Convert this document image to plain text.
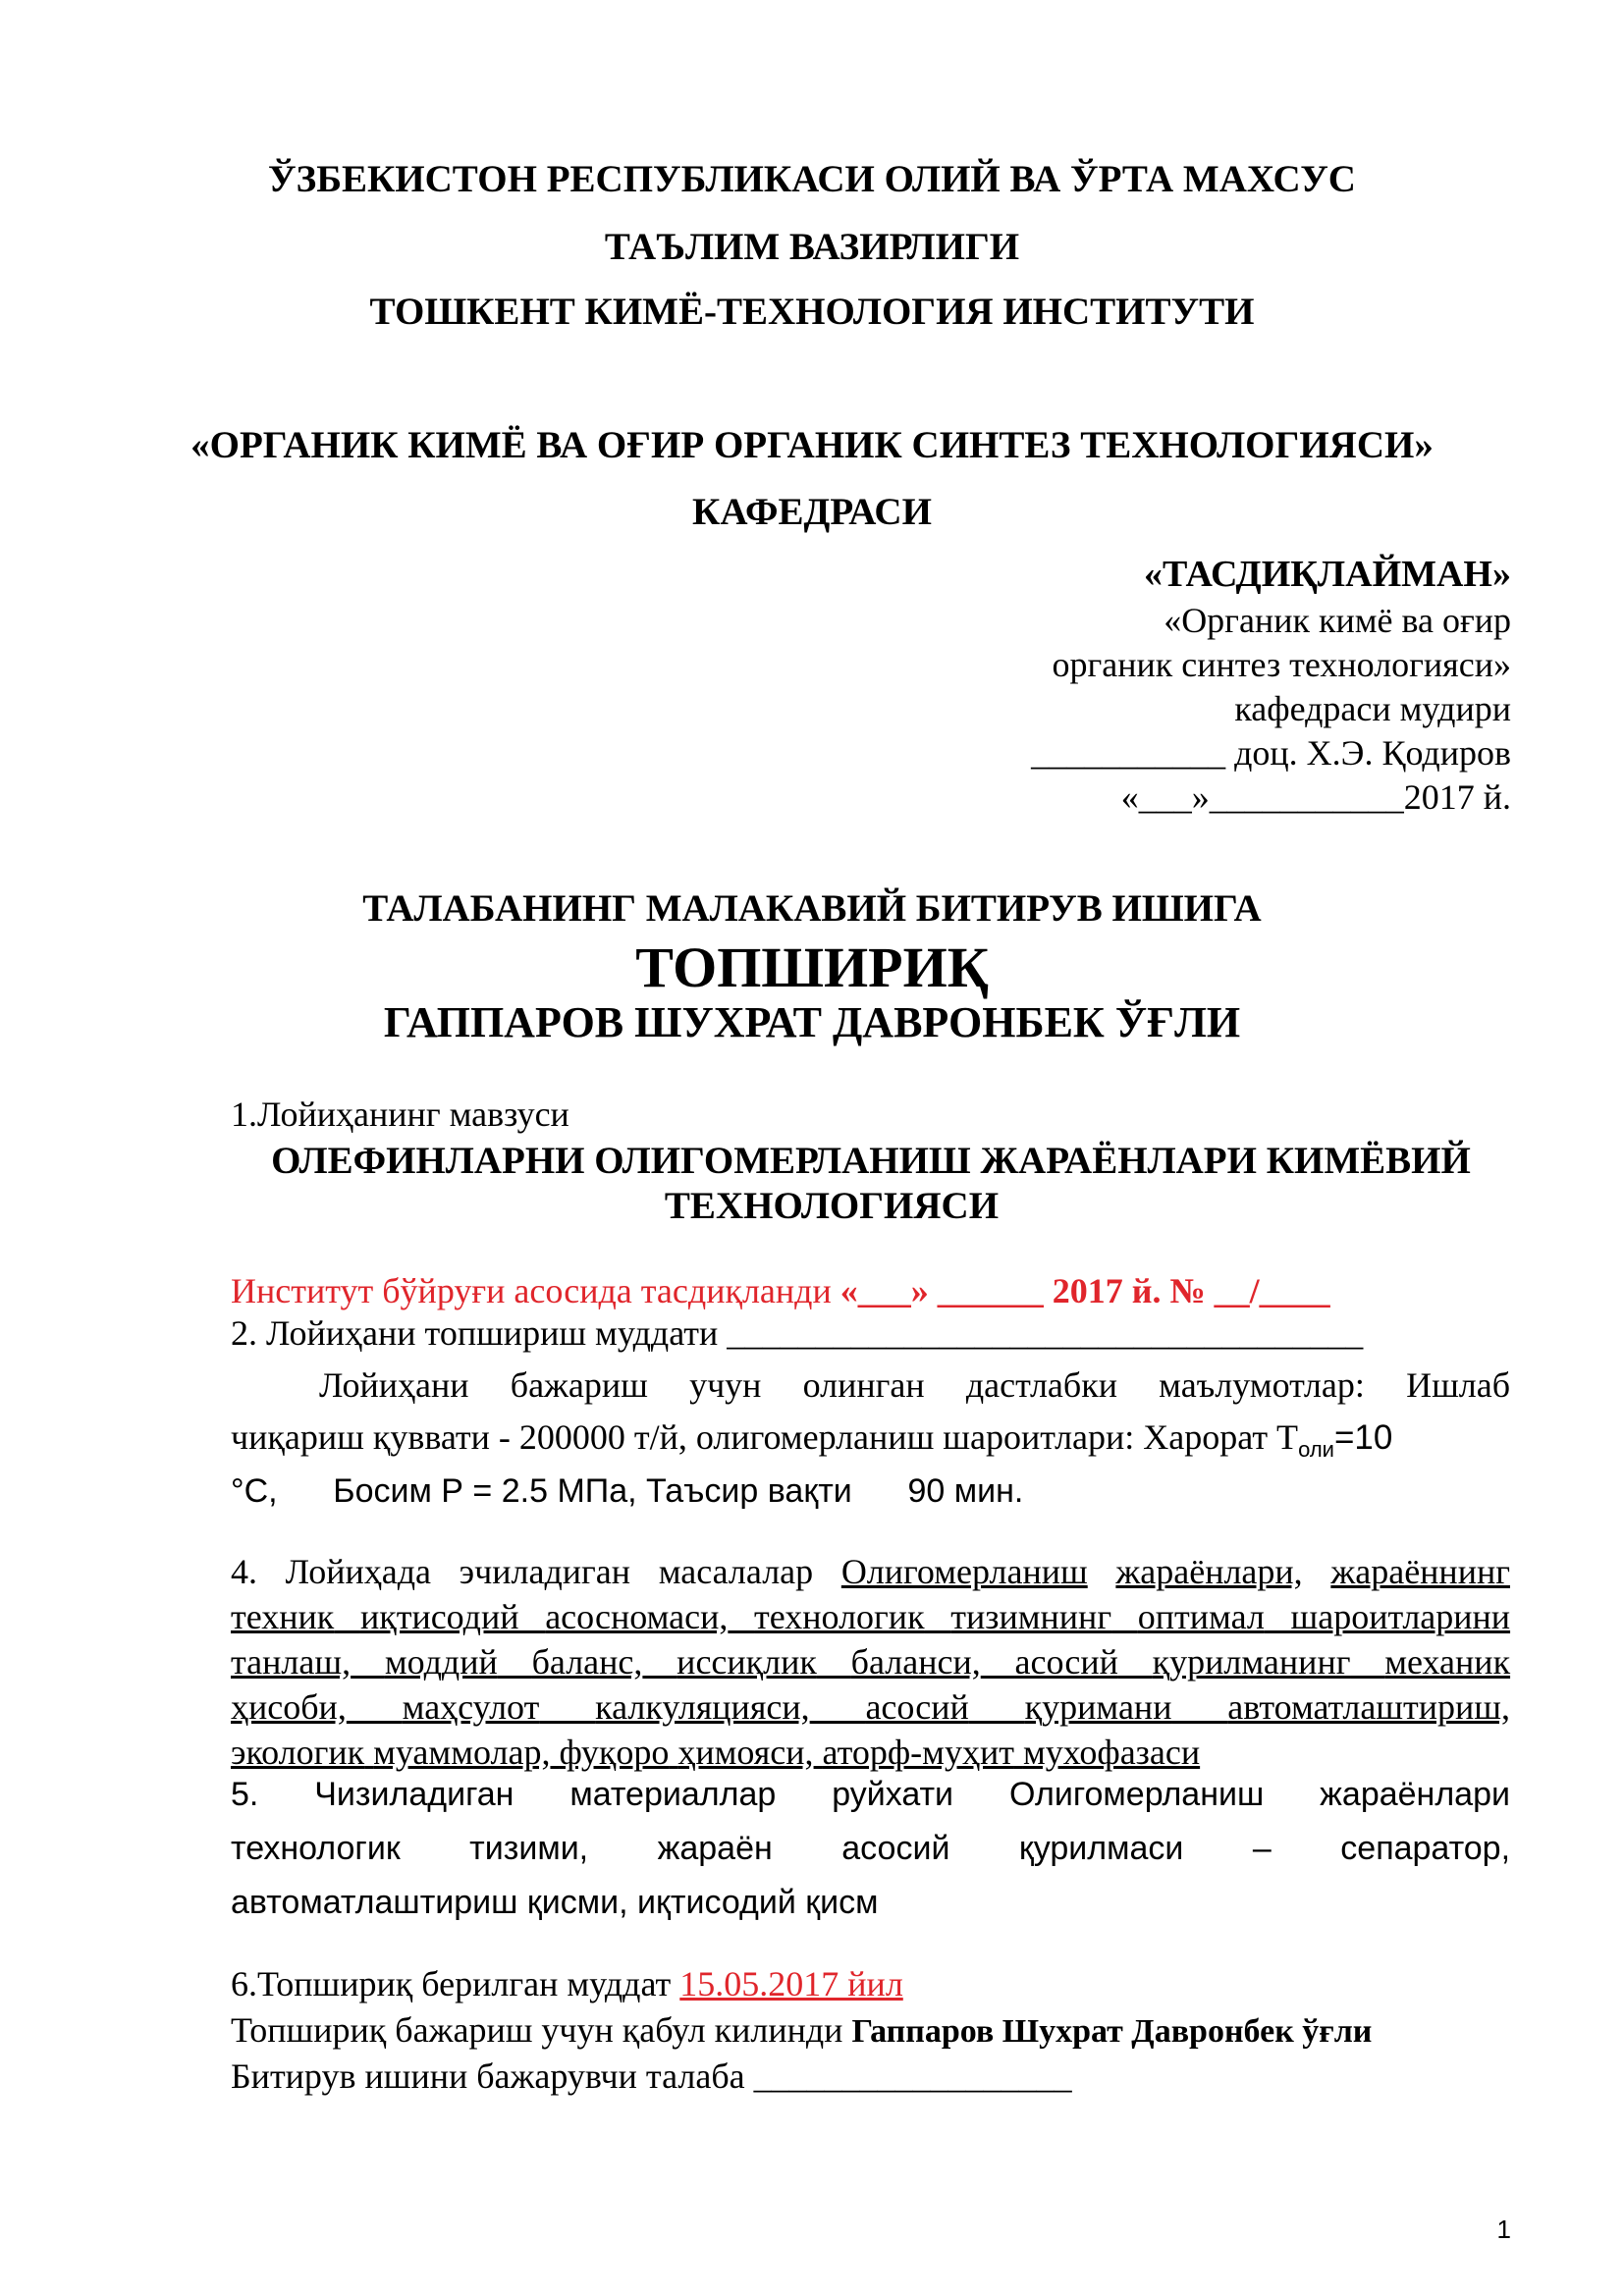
ЎЗБЕКИСТОН РЕСПУБЛИКАСИ ОЛИЙ ВА ЎРТА МАХСУС
ТАЪЛИМ ВАЗИРЛИГИ
ТОШКЕНТ КИМЁ-ТЕХНОЛОГИЯ ИНСТИТУТИ
«ОРГАНИК КИМЁ ВА ОҒИР ОРГАНИК СИНТЕЗ ТЕХНОЛОГИЯСИ»
КАФЕДРАСИ
«ТАСДИҚЛАЙМАН»
«Органик кимё ва оғир
органик синтез технологияси»
кафедраси мудири
___________ доц. Х.Э. Қодиров
«___»___________2017 й.
ТАЛАБАНИНГ МАЛАКАВИЙ БИТИРУВ ИШИГА
ТОПШИРИҚ
ГАППАРОВ ШУХРАТ ДАВРОНБЕК ЎҒЛИ
1.Лойиҳанинг мавзуси
ОЛЕФИНЛАРНИ ОЛИГОМЕРЛАНИШ ЖАРАЁНЛАРИ КИМЁВИЙ
ТЕХНОЛОГИЯСИ
Институт бўйруғи асосида тасдиқланди «___» ______ 2017 й. № __/____
2. Лойиҳани топшириш муддати ____________________________________
Лойиҳани бажариш учун олинган дастлабки маълумотлар: Ишлаб
чиқариш қуввати - 200000 т/й, олигомерланиш шароитлари: Харорат $Т_{оли}=10$
°С,      Босим Р = 2.5 МПа, Таъсир вақти      90 мин.
4. Лойиҳада эчиладиган масалалар Олигомерланиш жараёнлари, жараённинг
техник иқтисодий асосномаси, технологик тизимнинг оптимал шароитларини
танлаш, моддий баланс, иссиқлик баланси, асосий қурилманинг механик
ҳисоби, маҳсулот калкуляцияси, асосий қуримани автоматлаштириш,
экологик муаммолар, фуқоро ҳимояси, аторф-муҳит мухофазаси
5. Чизиладиган материаллар руйхати Олигомерланиш жараёнлари
технологик тизими, жараён асосий қурилмаси – сепаратор,
автоматлаштириш қисми, иқтисодий қисм
6.Топшириқ берилган муддат 15.05.2017 йил
Топшириқ бажариш учун қабул килинди Гаппаров Шухрат Давронбек ўғли
Битирув ишини бажарувчи талаба __________________
1
